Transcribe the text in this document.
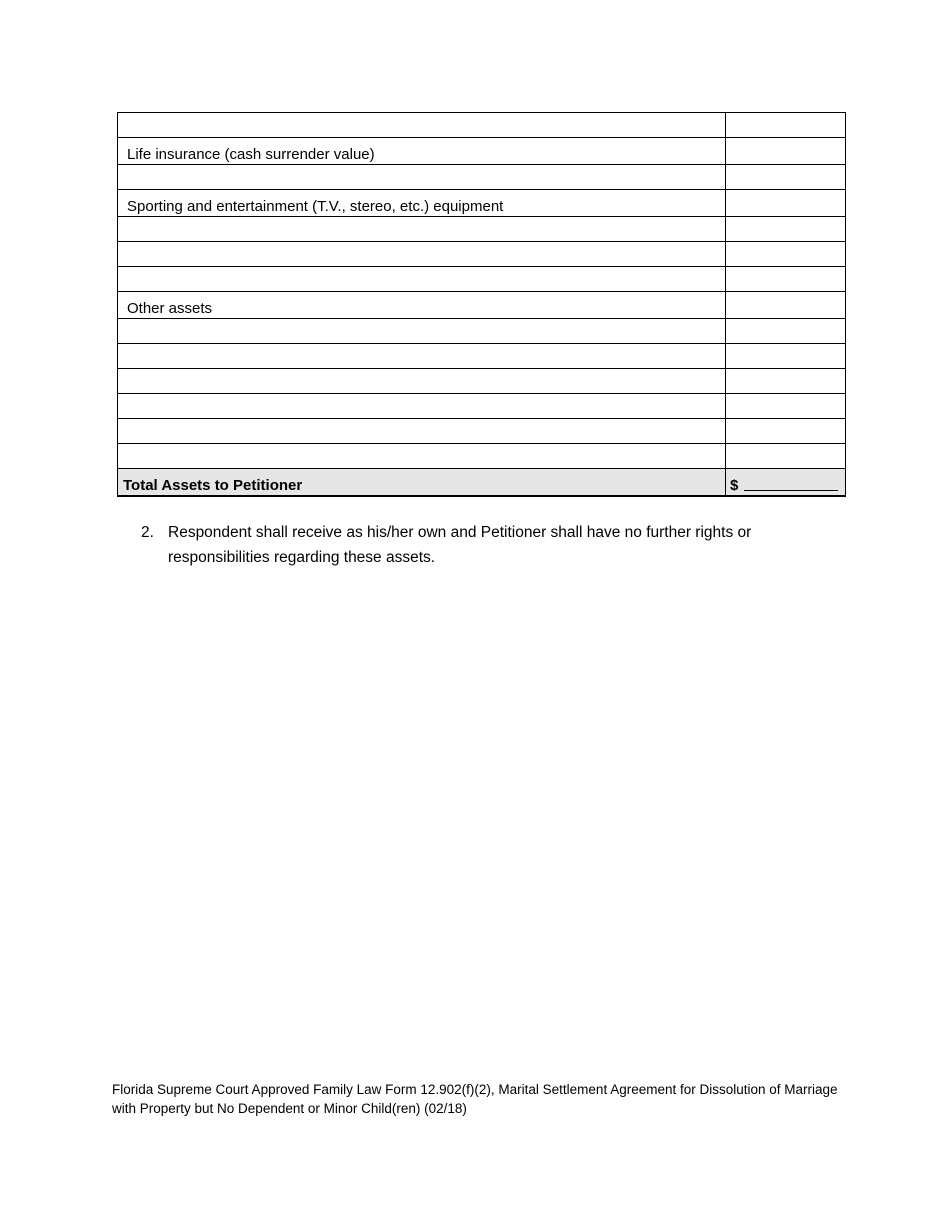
Life insurance (cash surrender value)	

Sporting and entertainment (T.V., stereo, etc.) equipment	

Other assets	

Total Assets to Petitioner	$
2. Respondent shall receive as his/her own and Petitioner shall have no further rights or responsibilities regarding these assets.
Florida Supreme Court Approved Family Law Form 12.902(f)(2), Marital Settlement Agreement for Dissolution of Marriage with Property but No Dependent or Minor Child(ren) (02/18)
